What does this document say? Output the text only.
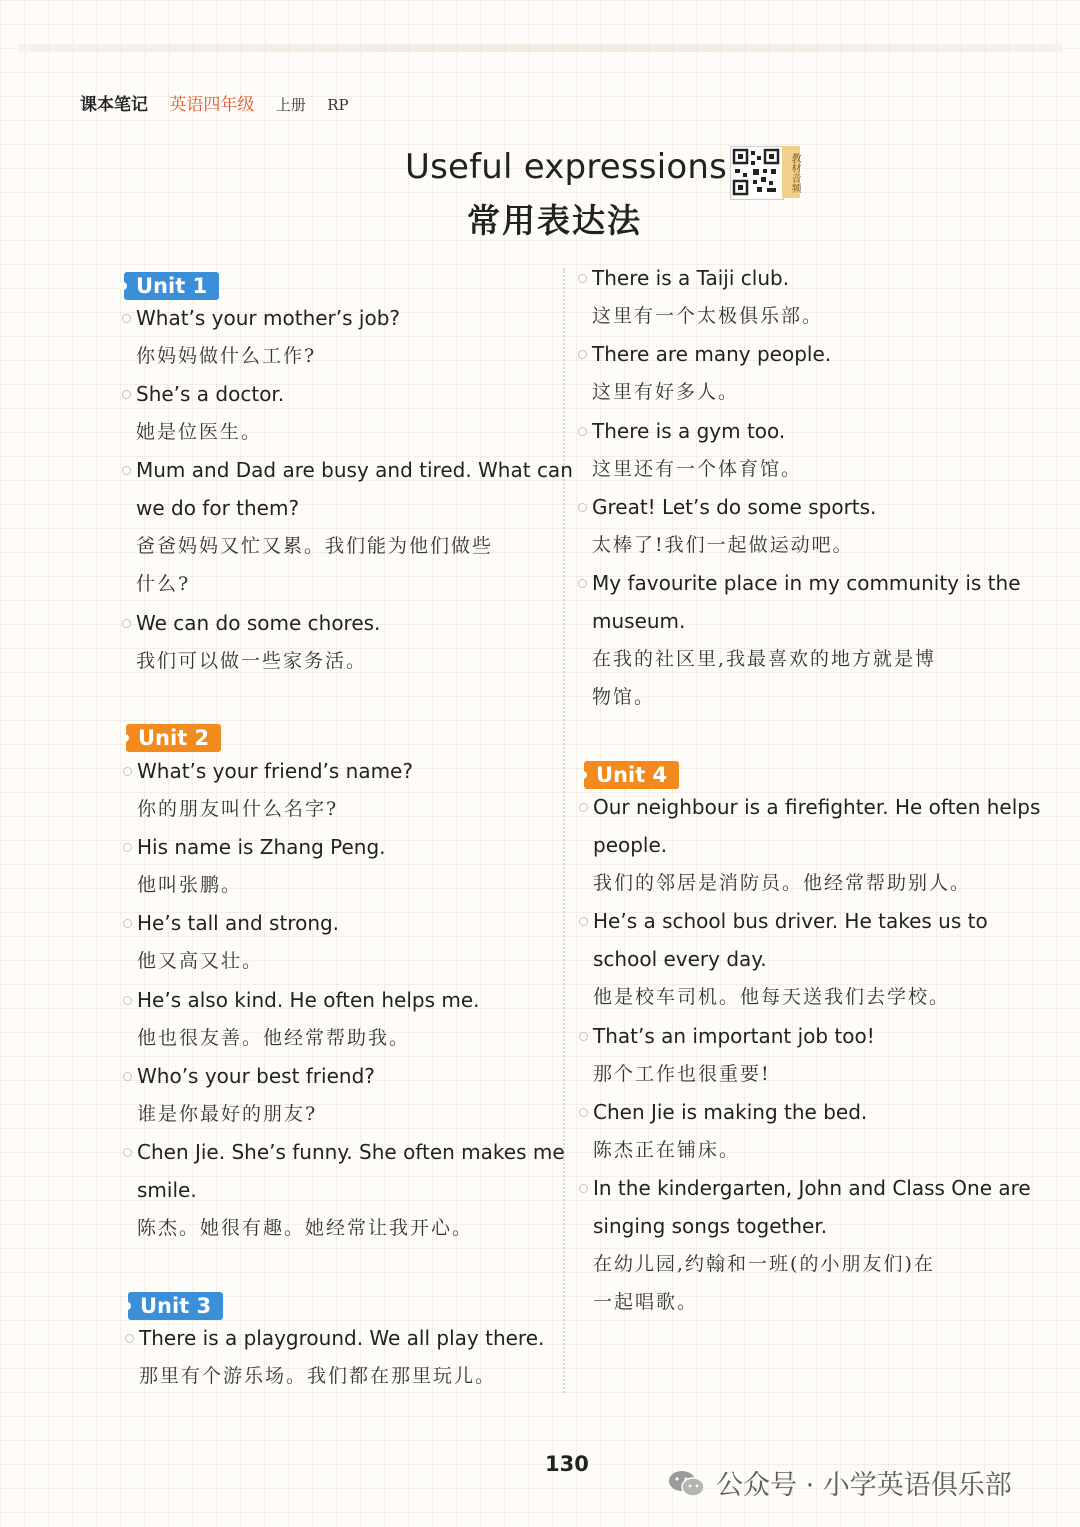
课本笔记 英语四年级 上册 RP
Useful expressions
常用表达法
教材音频
Unit 1
What’s your mother’s job?
你妈妈做什么工作?
She’s a doctor.
她是位医生。
Mum and Dad are busy and tired. What can
we do for them?
爸爸妈妈又忙又累。我们能为他们做些
什么?
We can do some chores.
我们可以做一些家务活。
Unit 2
What’s your friend’s name?
你的朋友叫什么名字?
His name is Zhang Peng.
他叫张鹏。
He’s tall and strong.
他又高又壮。
He’s also kind. He often helps me.
他也很友善。他经常帮助我。
Who’s your best friend?
谁是你最好的朋友?
Chen Jie. She’s funny. She often makes me
smile.
陈杰。她很有趣。她经常让我开心。
Unit 3
There is a playground. We all play there.
那里有个游乐场。我们都在那里玩儿。
There is a Taiji club.
这里有一个太极俱乐部。
There are many people.
这里有好多人。
There is a gym too.
这里还有一个体育馆。
Great! Let’s do some sports.
太棒了!我们一起做运动吧。
My favourite place in my community is the
museum.
在我的社区里,我最喜欢的地方就是博
物馆。
Unit 4
Our neighbour is a firefighter. He often helps
people.
我们的邻居是消防员。他经常帮助别人。
He’s a school bus driver. He takes us to
school every day.
他是校车司机。他每天送我们去学校。
That’s an important job too!
那个工作也很重要!
Chen Jie is making the bed.
陈杰正在铺床。
In the kindergarten, John and Class One are
singing songs together.
在幼儿园,约翰和一班(的小朋友们)在
一起唱歌。
130
公众号 · 小学英语俱乐部
